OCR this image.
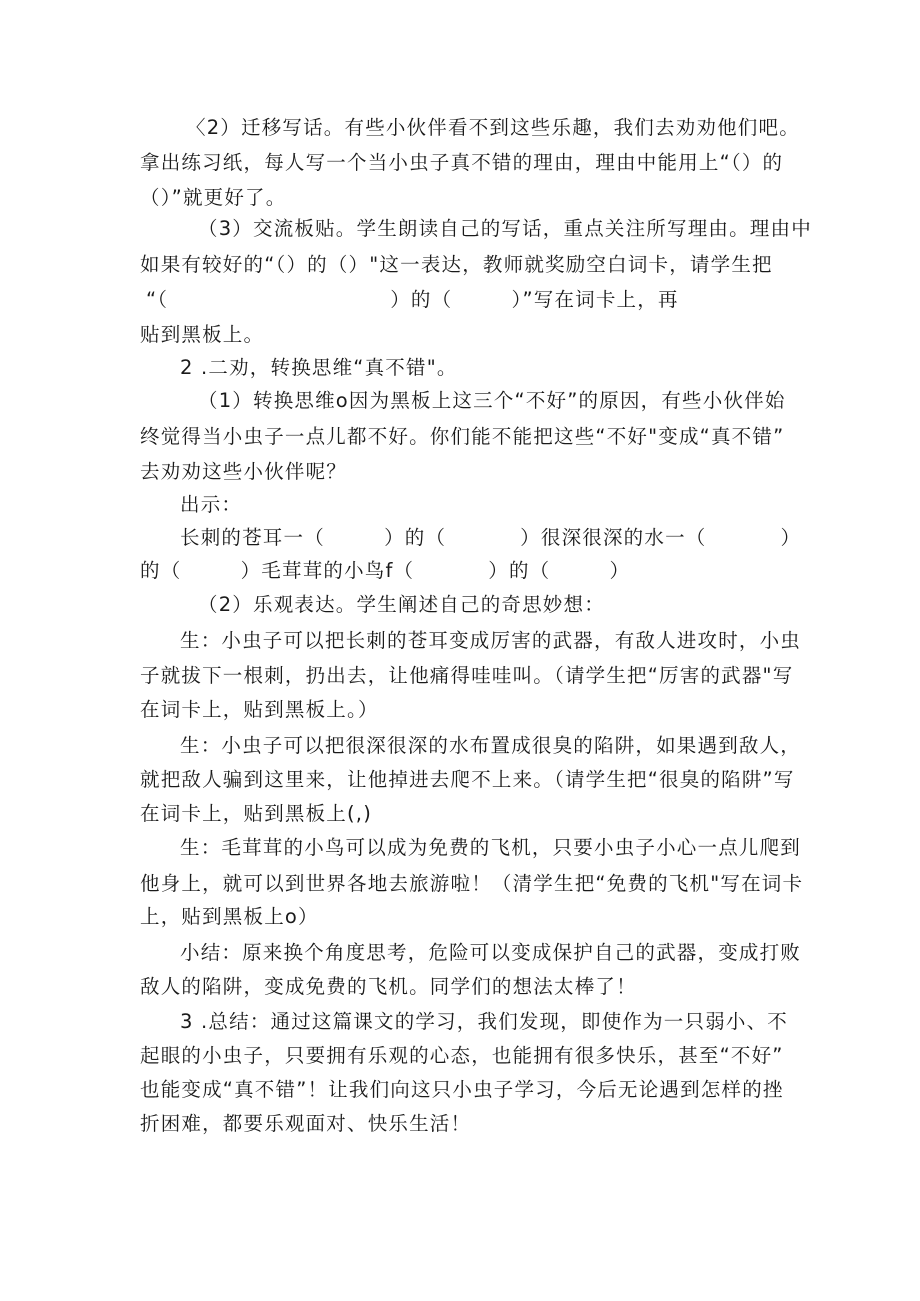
〈2）迁移写话。有些小伙伴看不到这些乐趣，我们去劝劝他们吧。
拿出练习纸，每人写一个当小虫子真不错的理由，理由中能用上“（）的
（）”就更好了。
（3）交流板贴。学生朗读自己的写话，重点关注所写理由。理由中
如果有较好的“（）的（）"这一表达，教师就奖励空白词卡，请学生把
“（                              ）的（        ）”写在词卡上，再
贴到黑板上。
2 .二劝，转换思维“真不错"。
（1）转换思维o因为黑板上这三个“不好”的原因，有些小伙伴始
终觉得当小虫子一点儿都不好。你们能不能把这些“不好"变成“真不错”
去劝劝这些小伙伴呢？
出示：
长刺的苍耳一（        ）的（          ）很深很深的水一（          ）
的（        ）毛茸茸的小鸟f（          ）的（        ）
（2）乐观表达。学生阐述自己的奇思妙想：
生：小虫子可以把长刺的苍耳变成厉害的武器，有敌人进攻时，小虫
子就拔下一根刺，扔出去，让他痛得哇哇叫。（请学生把“厉害的武器"写
在词卡上，贴到黑板上。）
生：小虫子可以把很深很深的水布置成很臭的陷阱，如果遇到敌人，
就把敌人骗到这里来，让他掉进去爬不上来。（请学生把“很臭的陷阱”写
在词卡上，贴到黑板上(,)
生：毛茸茸的小鸟可以成为免费的飞机，只要小虫子小心一点儿爬到
他身上，就可以到世界各地去旅游啦！（清学生把“免费的飞机"写在词卡
上，贴到黑板上o）
小结：原来换个角度思考，危险可以变成保护自己的武器，变成打败
敌人的陷阱，变成免费的飞机。同学们的想法太棒了！
3 .总结：通过这篇课文的学习，我们发现，即使作为一只弱小、不
起眼的小虫子，只要拥有乐观的心态，也能拥有很多快乐，甚至“不好”
也能变成“真不错”！让我们向这只小虫子学习，今后无论遇到怎样的挫
折困难，都要乐观面对、快乐生活！
